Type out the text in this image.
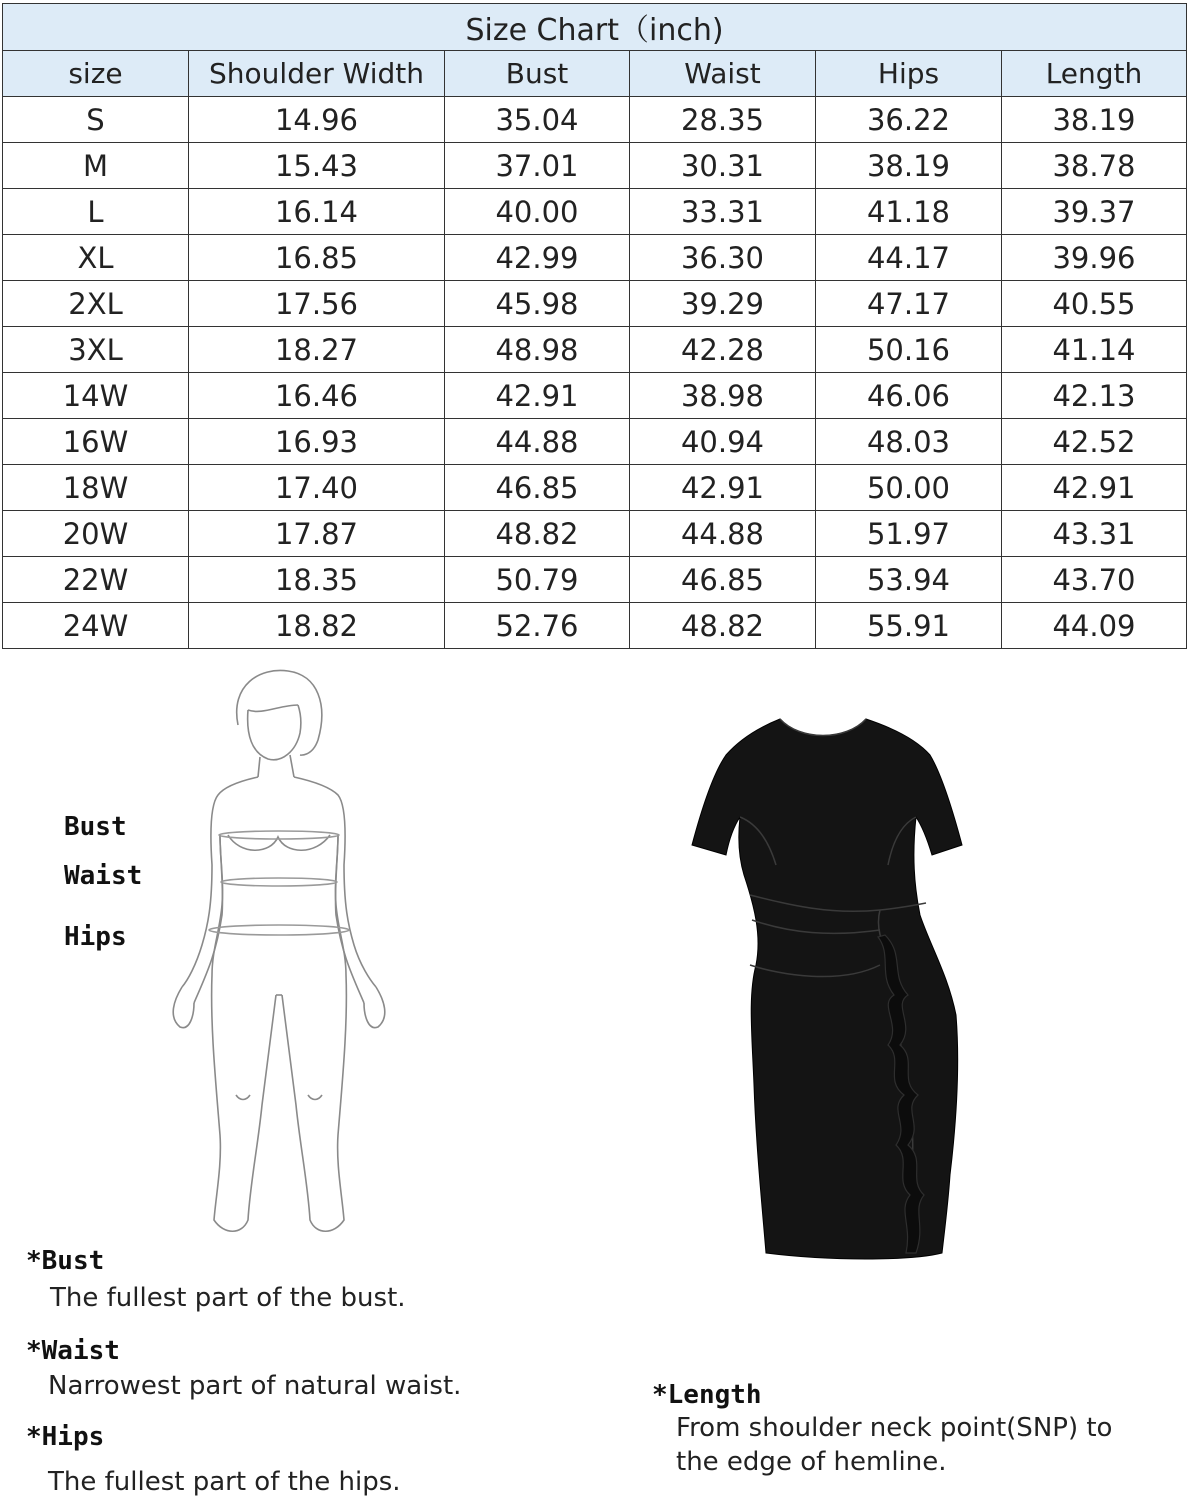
Size Chart（inch)					
size	Shoulder Width	Bust	Waist	Hips	Length
S	14.96	35.04	28.35	36.22	38.19
M	15.43	37.01	30.31	38.19	38.78
L	16.14	40.00	33.31	41.18	39.37
XL	16.85	42.99	36.30	44.17	39.96
2XL	17.56	45.98	39.29	47.17	40.55
3XL	18.27	48.98	42.28	50.16	41.14
14W	16.46	42.91	38.98	46.06	42.13
16W	16.93	44.88	40.94	48.03	42.52
18W	17.40	46.85	42.91	50.00	42.91
20W	17.87	48.82	44.88	51.97	43.31
22W	18.35	50.79	46.85	53.94	43.70
24W	18.82	52.76	48.82	55.91	44.09
Bust
Waist
Hips
*Bust
The fullest part of the bust.
*Waist
Narrowest part of natural waist.
*Hips
The fullest part of the hips.
*Length
From shoulder neck point(SNP) to
the edge of hemline.
